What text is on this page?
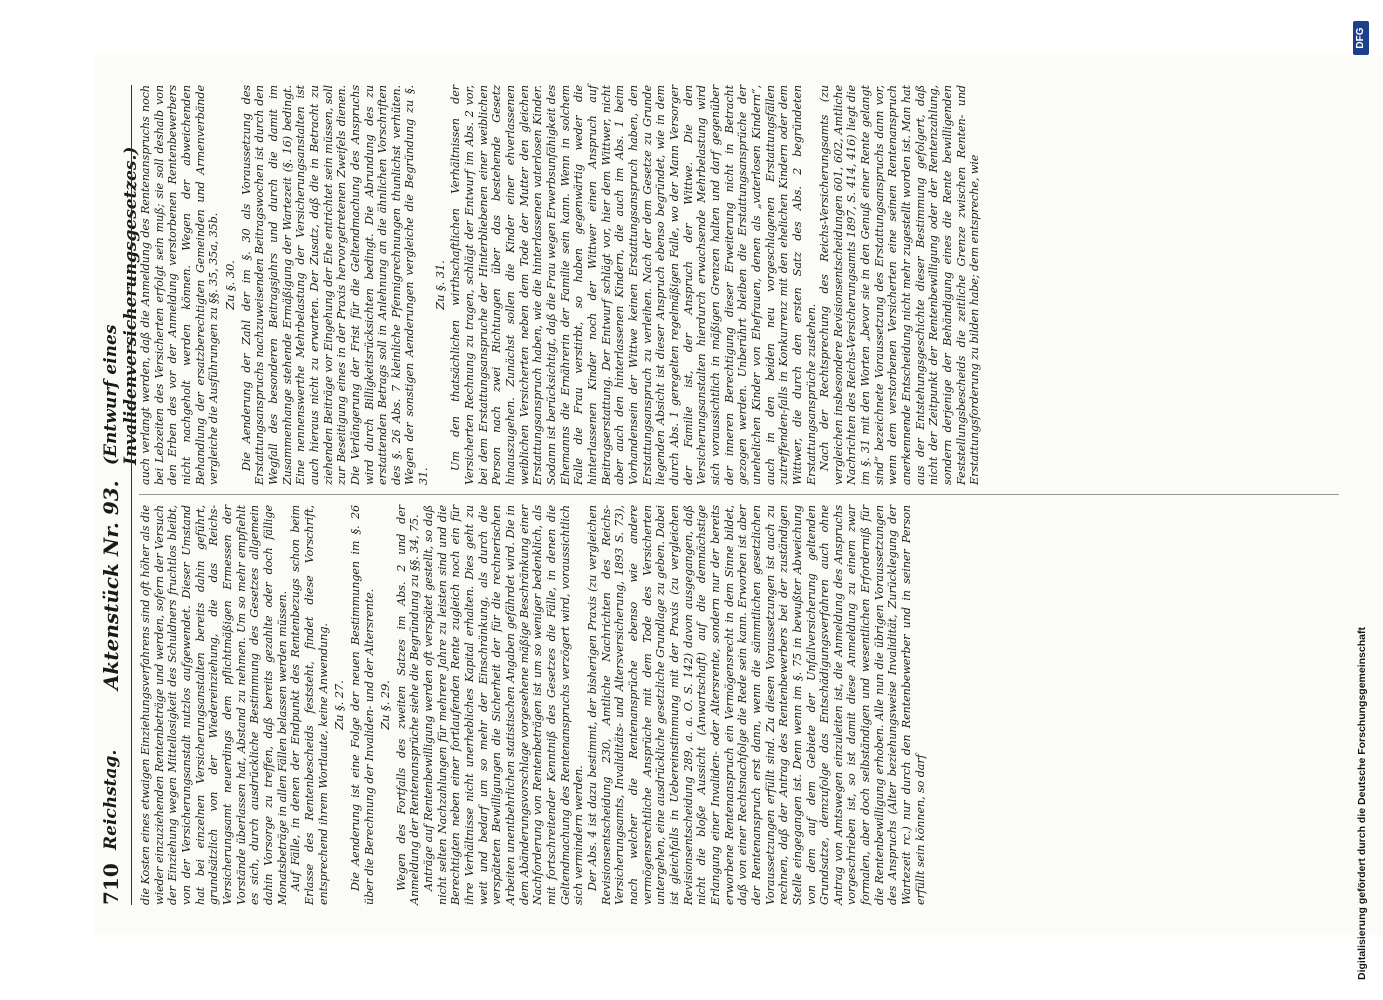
710
Reichstag.
Aktenstück Nr. 93.
(Entwurf eines Invalidenversicherungsgesetzes.)

die Kosten eines etwaigen Einziehungsverfahrens sind oft höher als die wieder einzuziehenden Rentenbeträge und werden, sofern der Versuch der Einziehung wegen Mittellosigkeit des Schuldners fruchtlos bleibt, von der Versicherungsanstalt nutzlos aufgewendet. Dieser Umstand hat bei einzelnen Versicherungsanstalten bereits dahin geführt, grundsätzlich von der Wiedereinziehung, die das Reichs-Versicherungsamt neuerdings dem pflichtmäßigen Ermessen der Vorstände überlassen hat, Abstand zu nehmen. Um so mehr empfiehlt es sich, durch ausdrückliche Bestimmung des Gesetzes allgemein dahin Vorsorge zu treffen, daß bereits gezahlte oder doch fällige Monatsbeträge in allen Fällen belassen werden müssen. Auf Fälle, in denen der Endpunkt des Rentenbezugs schon beim Erlasse des Rentenbescheids feststeht, findet diese Vorschrift, entsprechend ihrem Wortlaute, keine Anwendung. Zu §. 27. Die Aenderung ist eine Folge der neuen Bestimmungen im §. 26 über die Berechnung der Invaliden- und der Altersrente. Zu §. 29. Wegen des Fortfalls des zweiten Satzes im Abs. 2 und der Anmeldung der Rentenansprüche siehe die Begründung zu §§. 34, 75. Anträge auf Rentenbewilligung werden oft verspätet gestellt, so daß nicht selten Nachzahlungen für mehrere Jahre zu leisten sind und die Berechtigten neben einer fortlaufenden Rente zugleich noch ein für ihre Verhältnisse nicht unerhebliches Kapital erhalten. Dies geht zu weit und bedarf um so mehr der Einschränkung, als durch die verspäteten Bewilligungen die Sicherheit der für die rechnerischen Arbeiten unentbehrlichen statistischen Angaben gefährdet wird. Die in dem Abänderungsvorschlage vorgesehene mäßige Beschränkung einer Nachforderung von Rentenbeträgen ist um so weniger bedenklich, als mit fortschreitender Kenntniß des Gesetzes die Fälle, in denen die Geltendmachung des Rentenanspruchs verzögert wird, voraussichtlich sich vermindern werden. Der Abs. 4 ist dazu bestimmt, der bisherigen Praxis (zu vergleichen Revisionsentscheidung 230, Amtliche Nachrichten des Reichs-Versicherungsamts, Invaliditäts- und Altersversicherung, 1893 S. 73), nach welcher die Rentenansprüche ebenso wie andere vermögensrechtliche Ansprüche mit dem Tode des Versicherten untergehen, eine ausdrückliche gesetzliche Grundlage zu geben. Dabei ist gleichfalls in Uebereinstimmung mit der Praxis (zu vergleichen Revisionsentscheidung 289, a. a. O. S. 142) davon ausgegangen, daß nicht die bloße Aussicht (Anwartschaft) auf die demnächstige Erlangung einer Invaliden- oder Altersrente, sondern nur der bereits erworbene Rentenanspruch ein Vermögensrecht in dem Sinne bildet, daß von einer Rechtsnachfolge die Rede sein kann. Erworben ist aber der Rentenanspruch erst dann, wenn die sämmtlichen gesetzlichen Voraussetzungen erfüllt sind. Zu diesen Voraussetzungen ist auch zu rechnen, daß der Antrag des Rentenbewerbers bei der zuständigen Stelle eingegangen ist. Denn wenn im §. 75 in bewußter Abweichung von dem auf dem Gebiete der Unfallversicherung geltenden Grundsatze, demzufolge das Entschädigungsverfahren auch ohne Antrag von Amtswegen einzuleiten ist, die Anmeldung des Anspruchs vorgeschrieben ist, so ist damit diese Anmeldung zu einem zwar formalen, aber doch selbständigen und wesentlichen Erforderniß für die Rentenbewilligung erhoben. Alle nun die übrigen Voraussetzungen des Anspruchs (Alter beziehungsweise Invalidität, Zurücklegung der Wartezeit rc.) nur durch den Rentenbewerber und in seiner Person erfüllt sein können, so darf

auch verlangt werden, daß die Anmeldung des Rentenanspruchs noch bei Lebzeiten des Versicherten erfolgt sein muß; sie soll deshalb von den Erben des vor der Anmeldung verstorbenen Rentenbewerbers nicht nachgeholt werden können. Wegen der abweichenden Behandlung der ersatzberechtigten Gemeinden und Armenverbände vergleiche die Ausführungen zu §§. 35, 35a, 35b. Zu §. 30. Die Aenderung der Zahl der im §. 30 als Voraussetzung des Erstattungsanspruchs nachzuweisenden Beitragswochen ist durch den Wegfall des besonderen Beitragsjahrs und durch die damit im Zusammenhange stehende Ermäßigung der Wartezeit (§. 16) bedingt. Eine nennenswerthe Mehrbelastung der Versicherungsanstalten ist auch hieraus nicht zu erwarten. Der Zusatz, daß die in Betracht zu ziehenden Beiträge vor Eingehung der Ehe entrichtet sein müssen, soll zur Beseitigung eines in der Praxis hervorgetretenen Zweifels dienen. Die Verlängerung der Frist für die Geltendmachung des Anspruchs wird durch Billigkeitsrücksichten bedingt. Die Abrundung des zu erstattenden Betrags soll in Anlehnung an die ähnlichen Vorschriften des §. 26 Abs. 7 kleinliche Pfennigrechnungen thunlichst verhüten. Wegen der sonstigen Aenderungen vergleiche die Begründung zu §. 31.

Zu §. 31. Um den thatsächlichen wirthschaftlichen Verhältnissen der Versicherten Rechnung zu tragen, schlägt der Entwurf im Abs. 2 vor, bei dem Erstattungsanspruche der Hinterbliebenen einer weiblichen Person nach zwei Richtungen über das bestehende Gesetz hinauszugehen. Zunächst sollen die Kinder einer ehverlassenen weiblichen Versicherten neben dem Tode der Mutter den gleichen Erstattungsanspruch haben, wie die hinterlassenen vaterlosen Kinder. Sodann ist berücksichtigt, daß die Frau wegen Erwerbsunfähigkeit des Ehemanns die Ernährerin der Familie sein kann. Wenn in solchem Falle die Frau verstirbt, so haben gegenwärtig weder die hinterlassenen Kinder noch der Wittwer einen Anspruch auf Beitragserstattung. Der Entwurf schlägt vor, hier dem Wittwer, nicht aber auch den hinterlassenen Kindern, die auch im Abs. 1 beim Vorhandensein der Wittwe keinen Erstattungsanspruch haben, den Erstattungsanspruch zu verleihen. Nach der dem Gesetze zu Grunde liegenden Absicht ist dieser Anspruch ebenso begründet, wie in dem durch Abs. 1 geregelten regelmäßigen Falle, wo der Mann Versorger der Familie ist, der Anspruch der Wittwe. Die den Versicherungsanstalten hierdurch erwachsende Mehrbelastung wird sich voraussichtlich in mäßigen Grenzen halten und darf gegenüber der inneren Berechtigung dieser Erweiterung nicht in Betracht gezogen werden. Unberührt bleiben die Erstattungsansprüche der unehelichen Kinder von Ehefrauen, denen als „vaterlosen Kindern“, auch in den beiden neu vorgeschlagenen Erstattungsfällen zutreffenden-falls in Konkurrenz mit den ehelichen Kindern oder dem Wittwer, die durch den ersten Satz des Abs. 2 begründeten Erstattungsansprüche zustehen. Nach der Rechtsprechung des Reichs-Versicherungsamts (zu vergleichen insbesondere Revisionsentscheidungen 601, 602, Amtliche Nachrichten des Reichs-Versicherungsamts 1897, S. 414, 416) liegt die im §. 31 mit den Worten „bevor sie in den Genuß einer Rente gelangt sind“ bezeichnete Voraussetzung des Erstattungsanspruchs dann vor, wenn dem verstorbenen Versicherten eine seinen Rentenanspruch anerkennende Entscheidung nicht mehr zugestellt worden ist. Man hat aus der Entstehungsgeschichte dieser Bestimmung gefolgert, daß nicht der Zeitpunkt der Rentenbewilligung oder der Rentenzahlung, sondern derjenige der Behändigung eines die Rente bewilligenden Feststellungsbescheids die zeitliche Grenze zwischen Renten- und Erstattungsforderung zu bilden habe; dem entspreche, wie

Digitalisierung gefördert durch die Deutsche Forschungsgemeinschaft
DFG
